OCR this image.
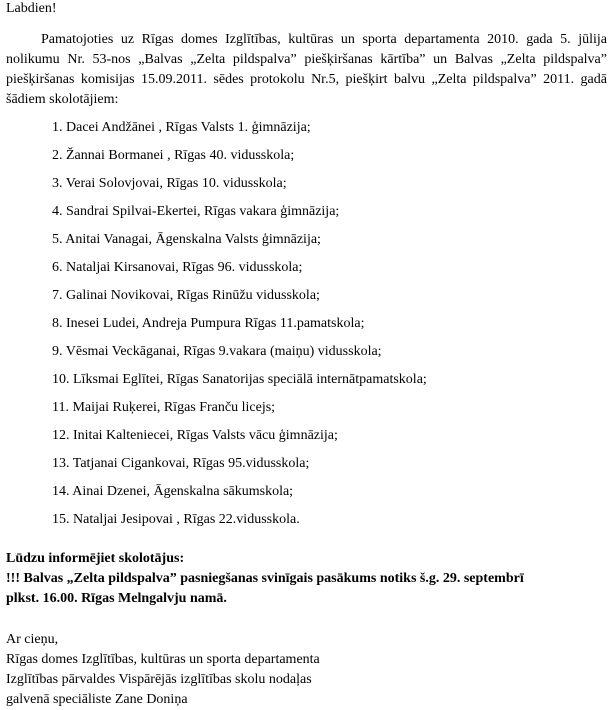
Labdien!

Pamatojoties uz Rīgas domes Izglītības, kultūras un sporta departamenta 2010. gada 5. jūlija nolikumu Nr. 53-nos „Balvas „Zelta pildspalva” piešķiršanas kārtība” un Balvas „Zelta pildspalva” piešķiršanas komisijas 15.09.2011. sēdes protokolu Nr.5, piešķirt balvu „Zelta pildspalva” 2011. gadā šādiem skolotājiem:

1. Dacei Andžānei , Rīgas Valsts 1. ģimnāzija;
2. Žannai Bormanei , Rīgas 40. vidusskola;
3. Verai Solovjovai, Rīgas 10. vidusskola;
4. Sandrai Spilvai-Ekertei, Rīgas vakara ģimnāzija;
5. Anitai Vanagai, Āgenskalna Valsts ģimnāzija;
6. Natalјai Kirsanovai, Rīgas 96. vidusskola;
7. Galinai Novikovai, Rīgas Rinūžu vidusskola;
8. Inesei Ludei, Andreja Pumpura Rīgas 11.pamatskola;
9. Vēsmai Veckāganai, Rīgas 9.vakara (maiņu) vidusskola;
10. Līksmai Eglītei, Rīgas Sanatorijas speciālā internātpamatskola;
11. Maijai Ruķerei, Rīgas Franču licejs;
12. Initai Kalteniecei, Rīgas Valsts vācu ģimnāzija;
13. Tatjanai Cigankovai, Rīgas 95.vidusskola;
14. Ainai Dzenei, Āgenskalna sākumskola;
15. Natalјai Jesipovai , Rīgas 22.vidusskola.
Lūdzu informējiet skolotājus:
!!! Balvas „Zelta pildspalva” pasniegšanas svinīgais pasākums notiks š.g. 29. septembrī
plkst. 16.00. Rīgas Melngalvju namā.
Ar cieņu,
Rīgas domes Izglītības, kultūras un sporta departamenta
Izglītības pārvaldes Vispārējās izglītības skolu nodaļas
galvenā speciāliste Zane Doniņa
